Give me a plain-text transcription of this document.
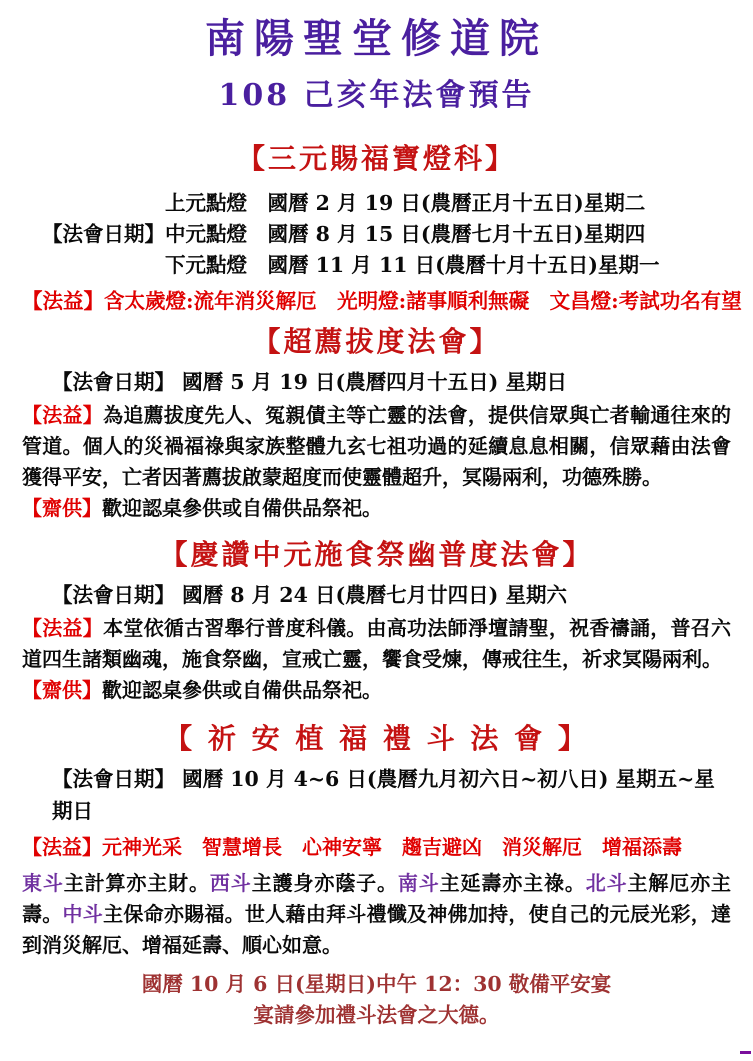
南陽聖堂修道院
108 己亥年法會預告
【三元賜福寶燈科】
【法會日期】
上元點燈　國曆 2 月 19 日(農曆正月十五日)星期二
中元點燈　國曆 8 月 15 日(農曆七月十五日)星期四
下元點燈　國曆 11 月 11 日(農曆十月十五日)星期一
【法益】含太歲燈:流年消災解厄　光明燈:諸事順利無礙　文昌燈:考試功名有望
【超薦拔度法會】
【法會日期】 國曆 5 月 19 日(農曆四月十五日) 星期日
【法益】為追薦拔度先人、冤親債主等亡靈的法會，提供信眾與亡者輸通往來的管道。個人的災禍福祿與家族整體九玄七祖功過的延續息息相關，信眾藉由法會獲得平安，亡者因著薦拔啟蒙超度而使靈體超升，冥陽兩利，功德殊勝。
【齋供】歡迎認桌參供或自備供品祭祀。
【慶讚中元施食祭幽普度法會】
【法會日期】 國曆 8 月 24 日(農曆七月廿四日) 星期六
【法益】本堂依循古習舉行普度科儀。由高功法師淨壇請聖，祝香禱誦，普召六道四生諸類幽魂，施食祭幽，宣戒亡靈，饗食受煉，傳戒往生，祈求冥陽兩利。
【齋供】歡迎認桌參供或自備供品祭祀。
【 祈 安 植 福 禮 斗 法 會 】
【法會日期】 國曆 10 月 4~6 日(農曆九月初六日~初八日) 星期五~星期日
【法益】元神光采　智慧增長　心神安寧　趨吉避凶　消災解厄　增福添壽
東斗主計算亦主財。西斗主護身亦蔭子。南斗主延壽亦主祿。北斗主解厄亦主壽。中斗主保命亦賜福。世人藉由拜斗禮懺及神佛加持，使自己的元辰光彩，達到消災解厄、增福延壽、順心如意。
國曆 10 月 6 日(星期日)中午 12：30 敬備平安宴
宴請參加禮斗法會之大德。
